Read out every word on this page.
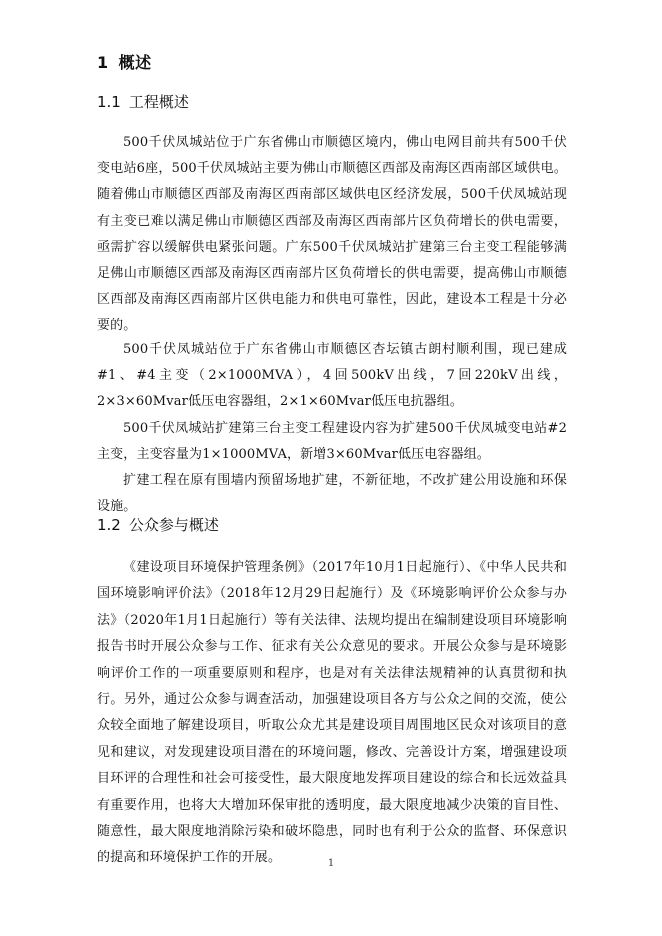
1 概述
1.1 工程概述

500千伏凤城站位于广东省佛山市顺德区境内，佛山电网目前共有500千伏变电站6座，500千伏凤城站主要为佛山市顺德区西部及南海区西南部区域供电。随着佛山市顺德区西部及南海区西南部区域供电区经济发展，500千伏凤城站现有主变已难以满足佛山市顺德区西部及南海区西南部片区负荷增长的供电需要，亟需扩容以缓解供电紧张问题。广东500千伏凤城站扩建第三台主变工程能够满足佛山市顺德区西部及南海区西南部片区负荷增长的供电需要，提高佛山市顺德区西部及南海区西南部片区供电能力和供电可靠性，因此，建设本工程是十分必要的。

500千伏凤城站位于广东省佛山市顺德区杏坛镇古朗村顺利围，现已建成#1、#4主变（2×1000MVA），4回500kV出线，7回220kV出线，2×3×60Mvar低压电容器组，2×1×60Mvar低压电抗器组。

500千伏凤城站扩建第三台主变工程建设内容为扩建500千伏凤城变电站#2主变，主变容量为1×1000MVA，新增3×60Mvar低压电容器组。

扩建工程在原有围墙内预留场地扩建，不新征地，不改扩建公用设施和环保设施。

1.2 公众参与概述

《建设项目环境保护管理条例》（2017年10月1日起施行）、《中华人民共和国环境影响评价法》（2018年12月29日起施行）及《环境影响评价公众参与办法》（2020年1月1日起施行）等有关法律、法规均提出在编制建设项目环境影响报告书时开展公众参与工作、征求有关公众意见的要求。开展公众参与是环境影响评价工作的一项重要原则和程序，也是对有关法律法规精神的认真贯彻和执行。另外，通过公众参与调查活动，加强建设项目各方与公众之间的交流，使公众较全面地了解建设项目，听取公众尤其是建设项目周围地区民众对该项目的意见和建议，对发现建设项目潜在的环境问题，修改、完善设计方案，增强建设项目环评的合理性和社会可接受性，最大限度地发挥项目建设的综合和长远效益具有重要作用，也将大大增加环保审批的透明度，最大限度地减少决策的盲目性、随意性，最大限度地消除污染和破坏隐患，同时也有利于公众的监督、环保意识的提高和环境保护工作的开展。	1
